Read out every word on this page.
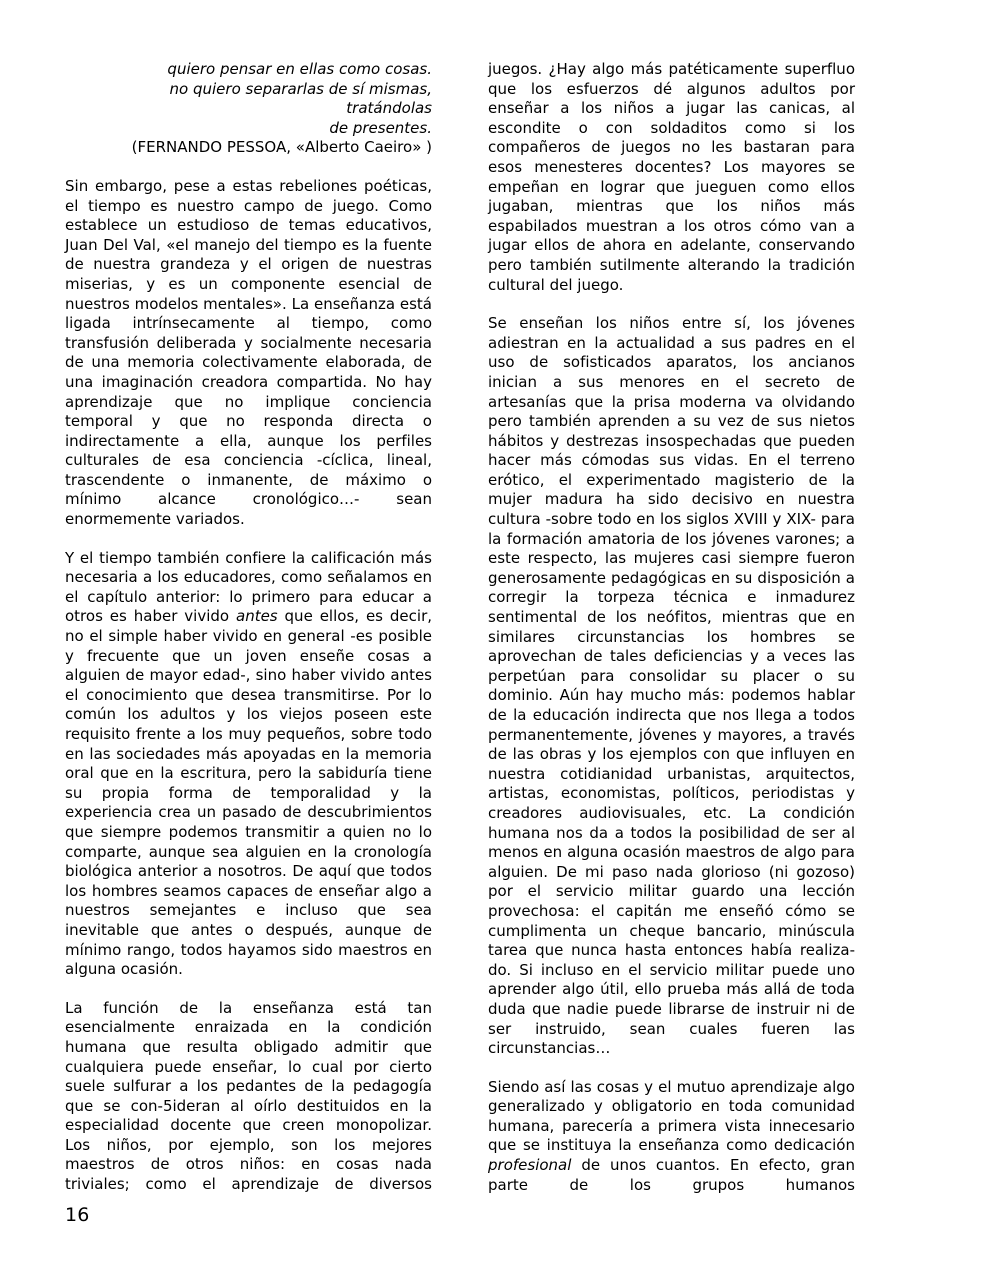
quiero pensar en ellas como cosas.
no quiero separarlas de sí mismas,
tratándolas
de presentes.
(FERNANDO PESSOA, «Alberto Caeiro» )

Sin embargo, pese a estas rebeliones poéticas, el tiempo es nuestro campo de juego. Como establece un estudioso de temas educativos, Juan Del Val, «el manejo del tiempo es la fuente de nuestra grandeza y el origen de nuestras miserias, y es un componente esencial de nuestros modelos mentales». La enseñanza está ligada intrínsecamente al tiempo, como transfusión deliberada y socialmente necesaria de una memoria colectivamente elaborada, de una imaginación creadora compartida. No hay aprendizaje que no implique conciencia temporal y que no responda directa o indirectamente a ella, aunque los perfiles culturales de esa conciencia -cíclica, lineal, trascendente o inmanente, de máximo o mínimo alcance cronológico…- sean enormemente variados.

Y el tiempo también confiere la calificación más necesaria a los educadores, como señalamos en el capítulo anterior: lo primero para educar a otros es haber vivido antes que ellos, es decir, no el simple haber vivido en general -es posible y frecuente que un joven enseñe cosas a alguien de mayor edad-, sino haber vivido antes el conocimiento que desea transmitirse. Por lo común los adultos y los viejos poseen este requisito frente a los muy pequeños, sobre todo en las sociedades más apoyadas en la memoria oral que en la escritura, pero la sabiduría tiene su propia forma de temporalidad y la experiencia crea un pasado de descubrimientos que siempre podemos transmitir a quien no lo comparte, aunque sea alguien en la cronología biológica anterior a nosotros. De aquí que todos los hombres seamos capaces de enseñar algo a nuestros semejantes e incluso que sea inevitable que antes o después, aunque de mínimo rango, todos hayamos sido maestros en alguna ocasión.

La función de la enseñanza está tan esencialmente enraizada en la condición humana que resulta obligado admitir que cualquiera puede enseñar, lo cual por cierto suele sulfurar a los pedantes de la pedagogía que se con-5ideran al oírlo destituidos en la especialidad docente que creen monopolizar. Los niños, por ejemplo, son los mejores maestros de otros niños: en cosas nada triviales; como el aprendizaje de diversos

juegos. ¿Hay algo más patéticamente superfluo que los esfuerzos dé algunos adultos por enseñar a los niños a jugar las canicas, al escondite o con soldaditos como si los compañeros de juegos no les bastaran para esos menesteres docentes? Los mayores se empeñan en lograr que jueguen como ellos jugaban, mientras que los niños más espabilados muestran a los otros cómo van a jugar ellos de ahora en adelante, conservando pero también sutilmente alterando la tradición cultural del juego.

Se enseñan los niños entre sí, los jóvenes adiestran en la actualidad a sus padres en el uso de sofisticados aparatos, los ancianos inician a sus menores en el secreto de artesanías que la prisa moderna va olvidando pero también aprenden a su vez de sus nietos hábitos y destrezas insospechadas que pueden hacer más cómodas sus vidas. En el terreno erótico, el experimentado magisterio de la mujer madura ha sido decisivo en nuestra cultura -sobre todo en los siglos XVIII y XIX- para la formación amatoria de los jóvenes varones; a este respecto, las mujeres casi siempre fueron generosamente pedagógicas en su disposición a corregir la torpeza técnica e inmadurez sentimental de los neófitos, mientras que en similares circunstancias los hombres se aprovechan de tales deficiencias y a veces las perpetúan para consolidar su placer o su dominio. Aún hay mucho más: podemos hablar de la educación indirecta que nos llega a todos permanentemente, jóvenes y mayores, a través de las obras y los ejemplos con que influyen en nuestra cotidianidad urbanistas, arquitectos, artistas, economistas, políticos, periodistas y creadores audiovisuales, etc. La condición humana nos da a todos la posibilidad de ser al menos en alguna ocasión maestros de algo para alguien. De mi paso nada glorioso (ni gozoso) por el servicio militar guardo una lección provechosa: el capitán me enseñó cómo se cumplimenta un cheque bancario, minúscula tarea que nunca hasta entonces había realiza- do. Si incluso en el servicio militar puede uno aprender algo útil, ello prueba más allá de toda duda que nadie puede librarse de instruir ni de ser instruido, sean cuales fueren las circunstancias…

Siendo así las cosas y el mutuo aprendizaje algo generalizado y obligatorio en toda comunidad humana, parecería a primera vista innecesario que se instituya la enseñanza como dedicación profesional de unos cuantos. En efecto, gran parte de los grupos humanos

16
